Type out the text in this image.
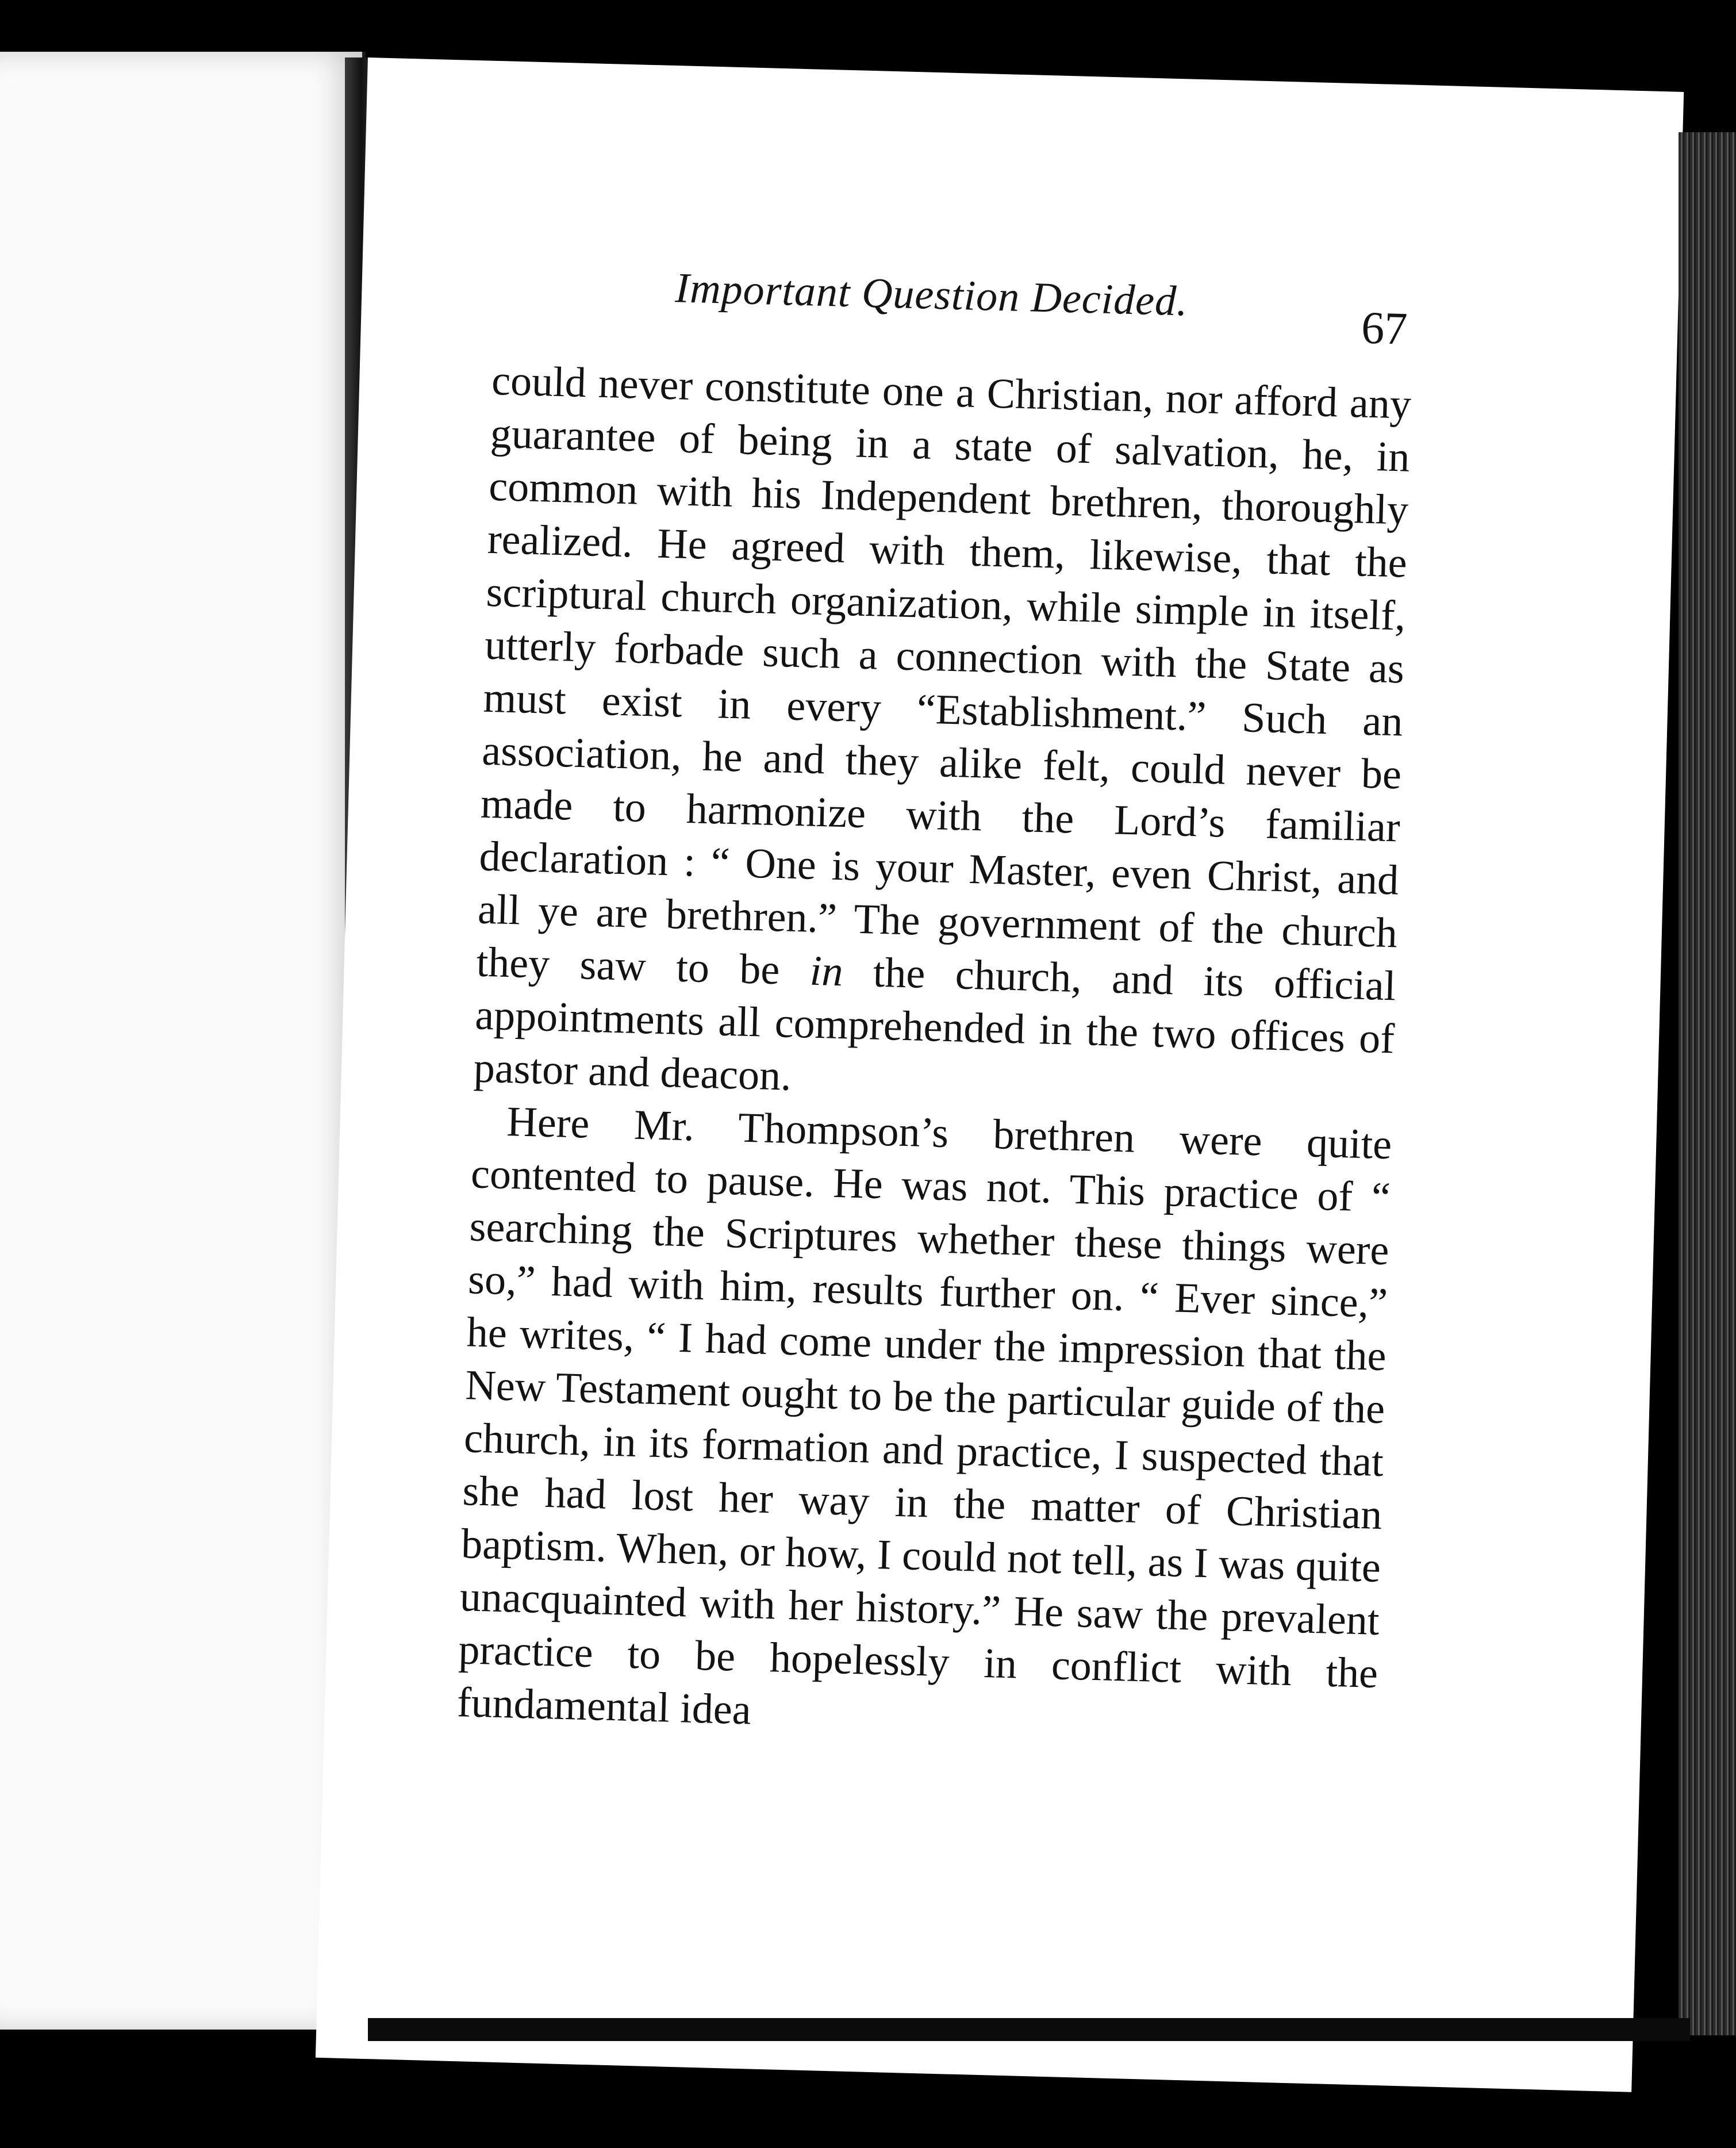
Important Question Decided.
67

could never constitute one a Christian, nor afford any guarantee of being in a state of salvation, he, in common with his Independent brethren, thoroughly realized. He agreed with them, likewise, that the scriptural church organization, while simple in itself, utterly forbade such a connection with the State as must exist in every “Establishment.” Such an association, he and they alike felt, could never be made to harmonize with the Lord’s familiar declaration : “ One is your Master, even Christ, and all ye are brethren.” The government of the church they saw to be in the church, and its official appointments all comprehended in the two offices of pastor and deacon.

Here Mr. Thompson’s brethren were quite contented to pause. He was not. This practice of “ searching the Scriptures whether these things were so,” had with him, results further on. “ Ever since,” he writes, “ I had come under the impression that the New Testament ought to be the particular guide of the church, in its formation and practice, I suspected that she had lost her way in the matter of Christian baptism. When, or how, I could not tell, as I was quite unacquainted with her history.” He saw the prevalent practice to be hopelessly in conflict with the fundamental idea
